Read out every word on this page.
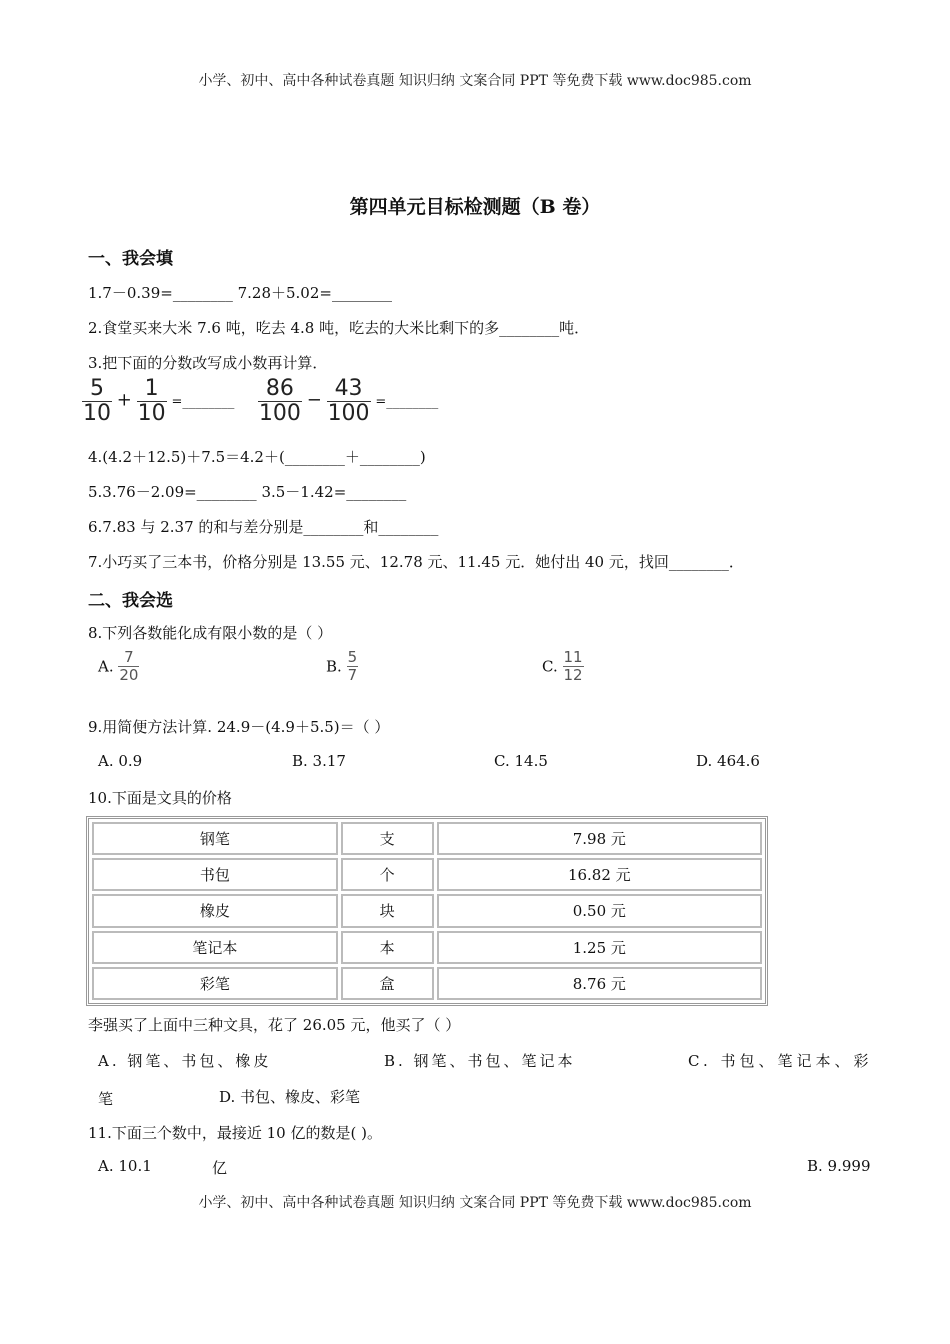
小学、初中、高中各种试卷真题 知识归纳 文案合同 PPT 等免费下载 www.doc985.com
第四单元目标检测题（B 卷）
一、我会填
1.7－0.39=________ 7.28＋5.02=________
2.食堂买来大米 7.6 吨，吃去 4.8 吨，吃去的大米比剩下的多________吨．
3.把下面的分数改写成小数再计算．
$\frac{5}{10} + \frac{1}{10}$ =________ $\frac{86}{100} - \frac{43}{100}$ =________
4.(4.2＋12.5)＋7.5＝4.2＋(________＋________)
5.3.76－2.09=________ 3.5－1.42=________
6.7.83 与 2.37 的和与差分别是________和________
7.小巧买了三本书，价格分别是 13.55 元、12.78 元、11.45 元．她付出 40 元，找回________．
二、我会选
8.下列各数能化成有限小数的是（ ）
A. $\frac{7}{20}$	B. $\frac{5}{7}$	C. $\frac{11}{12}$
9.用简便方法计算. 24.9－(4.9＋5.5)＝（ ）
A. 0.9	B. 3.17	C. 14.5	D. 464.6
10.下面是文具的价格
钢笔	支	7.98 元
书包	个	16.82 元
橡皮	块	0.50 元
笔记本	本	1.25 元
彩笔	盒	8.76 元
李强买了上面中三种文具，花了 26.05 元，他买了（ ）
A. 钢笔、书包、橡皮	B. 钢笔、书包、笔记本	C. 书包、笔记本、彩
笔	D. 书包、橡皮、彩笔
11.下面三个数中，最接近 10 亿的数是( )。
A. 10.1	亿	B. 9.999
小学、初中、高中各种试卷真题 知识归纳 文案合同 PPT 等免费下载 www.doc985.com
